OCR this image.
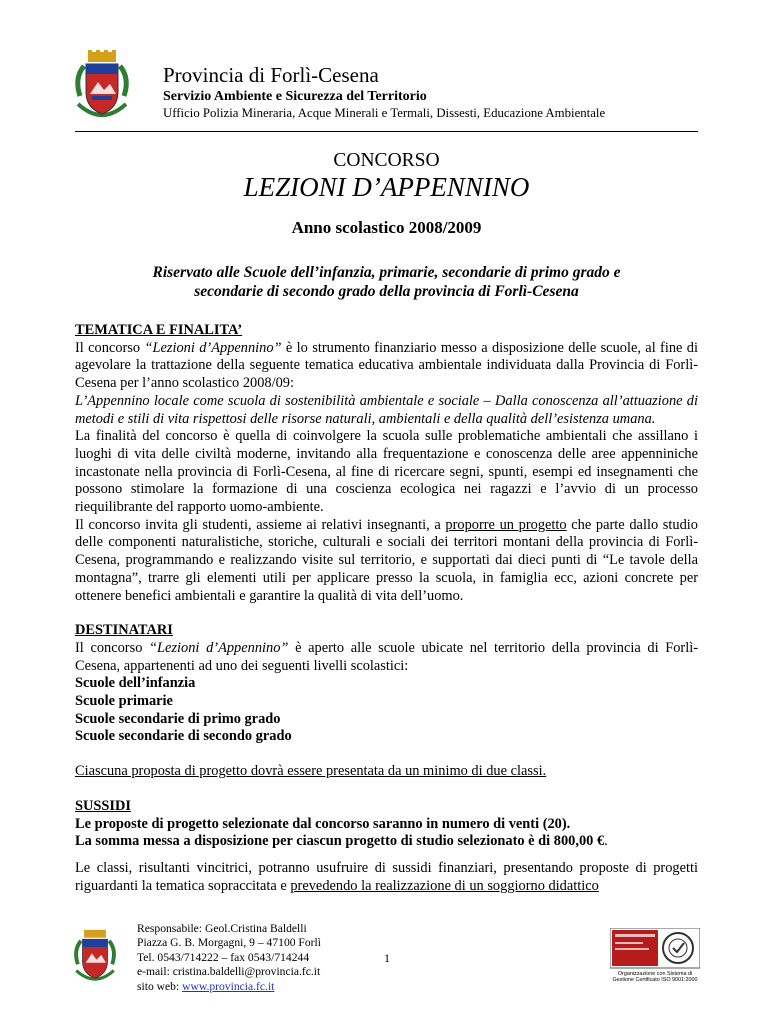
Provincia di Forlì-Cesena
Servizio Ambiente e Sicurezza del Territorio
Ufficio Polizia Mineraria, Acque Minerali e Termali, Dissesti, Educazione Ambientale
CONCORSO
LEZIONI D’APPENNINO
Anno scolastico 2008/2009
Riservato alle Scuole dell’infanzia, primarie, secondarie di primo grado e
secondarie di secondo grado della provincia di Forlì-Cesena
TEMATICA E FINALITA’

Il concorso “Lezioni d’Appennino” è lo strumento finanziario messo a disposizione delle scuole, al fine di agevolare la trattazione della seguente tematica educativa ambientale individuata dalla Provincia di Forlì-Cesena per l’anno scolastico 2008/09:

L’Appennino locale come scuola di sostenibilità ambientale e sociale – Dalla conoscenza all’attuazione di metodi e stili di vita rispettosi delle risorse naturali, ambientali e della qualità dell’esistenza umana.

La finalità del concorso è quella di coinvolgere la scuola sulle problematiche ambientali che assillano i luoghi di vita delle civiltà moderne, invitando alla frequentazione e conoscenza delle aree appenniniche incastonate nella provincia di Forlì-Cesena, al fine di ricercare segni, spunti, esempi ed insegnamenti che possono stimolare la formazione di una coscienza ecologica nei ragazzi e l’avvio di un processo riequilibrante del rapporto uomo-ambiente.

Il concorso invita gli studenti, assieme ai relativi insegnanti, a proporre un progetto che parte dallo studio delle componenti naturalistiche, storiche, culturali e sociali dei territori montani della provincia di Forlì-Cesena, programmando e realizzando visite sul territorio, e supportati dai dieci punti di “Le tavole della montagna”, trarre gli elementi utili per applicare presso la scuola, in famiglia ecc, azioni concrete per ottenere benefici ambientali e garantire la qualità di vita dell’uomo.

DESTINATARI

Il concorso “Lezioni d’Appennino” è aperto alle scuole ubicate nel territorio della provincia di Forlì-Cesena, appartenenti ad uno dei seguenti livelli scolastici:

Scuole dell’infanzia
Scuole primarie
Scuole secondarie di primo grado
Scuole secondarie di secondo grado

Ciascuna proposta di progetto dovrà essere presentata da un minimo di due classi.

SUSSIDI
Le proposte di progetto selezionate dal concorso saranno in numero di venti (20).
La somma messa a disposizione per ciascun progetto di studio selezionato è di 800,00 €.

Le classi, risultanti vincitrici, potranno usufruire di sussidi finanziari, presentando proposte di progetti riguardanti la tematica sopraccitata e prevedendo la realizzazione di un soggiorno didattico

Responsabile: Geol.Cristina Baldelli
Piazza G. B. Morgagni, 9 – 47100 Forlì
Tel. 0543/714222 – fax 0543/714244
e-mail: cristina.baldelli@provincia.fc.it
sito web: www.provincia.fc.it
1
Organizzazione con Sistema di
Gestione Certificato ISO 9001:2000
